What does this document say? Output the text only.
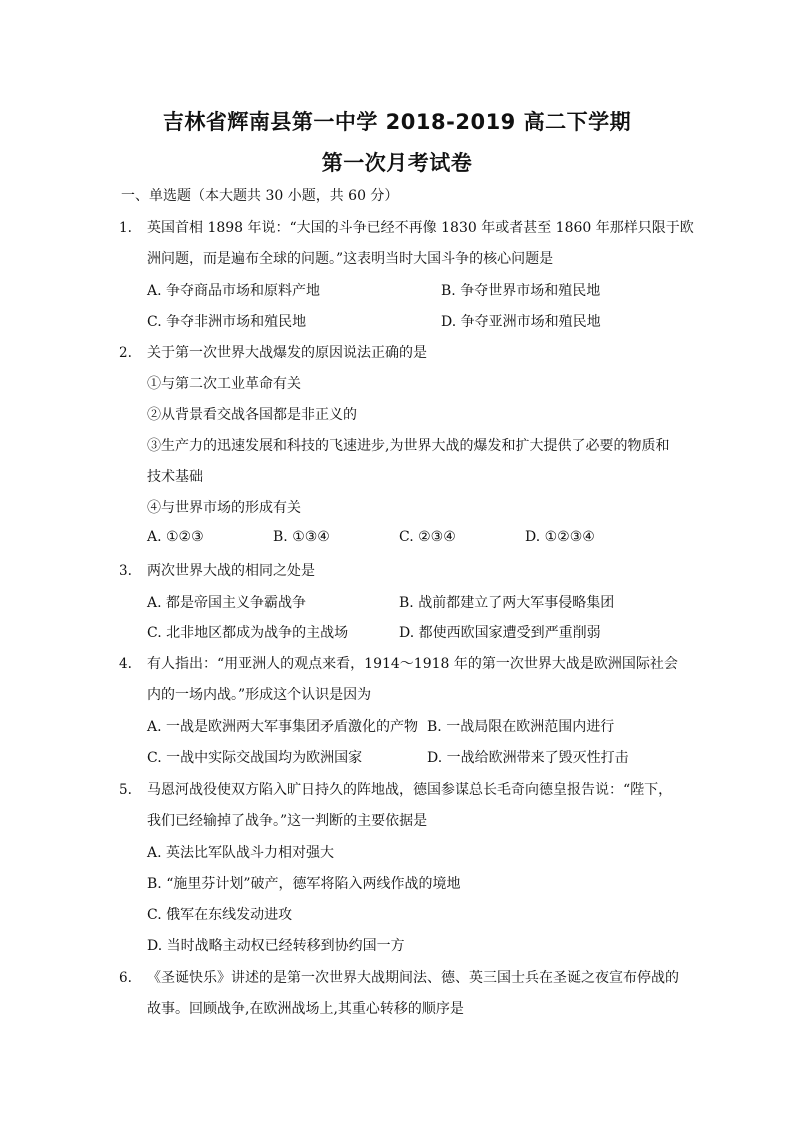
吉林省辉南县第一中学 2018-2019 高二下学期
第一次月考试卷
一、单选题（本大题共 30 小题，共 60 分）
1. 英国首相 1898 年说：“大国的斗争已经不再像 1830 年或者甚至 1860 年那样只限于欧
洲问题，而是遍布全球的问题。”这表明当时大国斗争的核心问题是
A. 争夺商品市场和原料产地	B. 争夺世界市场和殖民地
C. 争夺非洲市场和殖民地	D. 争夺亚洲市场和殖民地
2. 关于第一次世界大战爆发的原因说法正确的是
①与第二次工业革命有关
②从背景看交战各国都是非正义的
③生产力的迅速发展和科技的飞速进步,为世界大战的爆发和扩大提供了必要的物质和
技术基础
④与世界市场的形成有关
A. ①②③	B. ①③④	C. ②③④	D. ①②③④
3. 两次世界大战的相同之处是
A. 都是帝国主义争霸战争	B. 战前都建立了两大军事侵略集团
C. 北非地区都成为战争的主战场	D. 都使西欧国家遭受到严重削弱
4. 有人指出：“用亚洲人的观点来看，1914～1918 年的第一次世界大战是欧洲国际社会
内的一场内战。”形成这个认识是因为
A. 一战是欧洲两大军事集团矛盾激化的产物 B. 一战局限在欧洲范围内进行
C. 一战中实际交战国均为欧洲国家	D. 一战给欧洲带来了毁灭性打击
5. 马恩河战役使双方陷入旷日持久的阵地战，德国参谋总长毛奇向德皇报告说：“陛下，
我们已经输掉了战争。”这一判断的主要依据是
A. 英法比军队战斗力相对强大
B. “施里芬计划”破产，德军将陷入两线作战的境地
C. 俄军在东线发动进攻
D. 当时战略主动权已经转移到协约国一方
6. 《圣诞快乐》讲述的是第一次世界大战期间法、德、英三国士兵在圣诞之夜宣布停战的
故事。回顾战争,在欧洲战场上,其重心转移的顺序是
